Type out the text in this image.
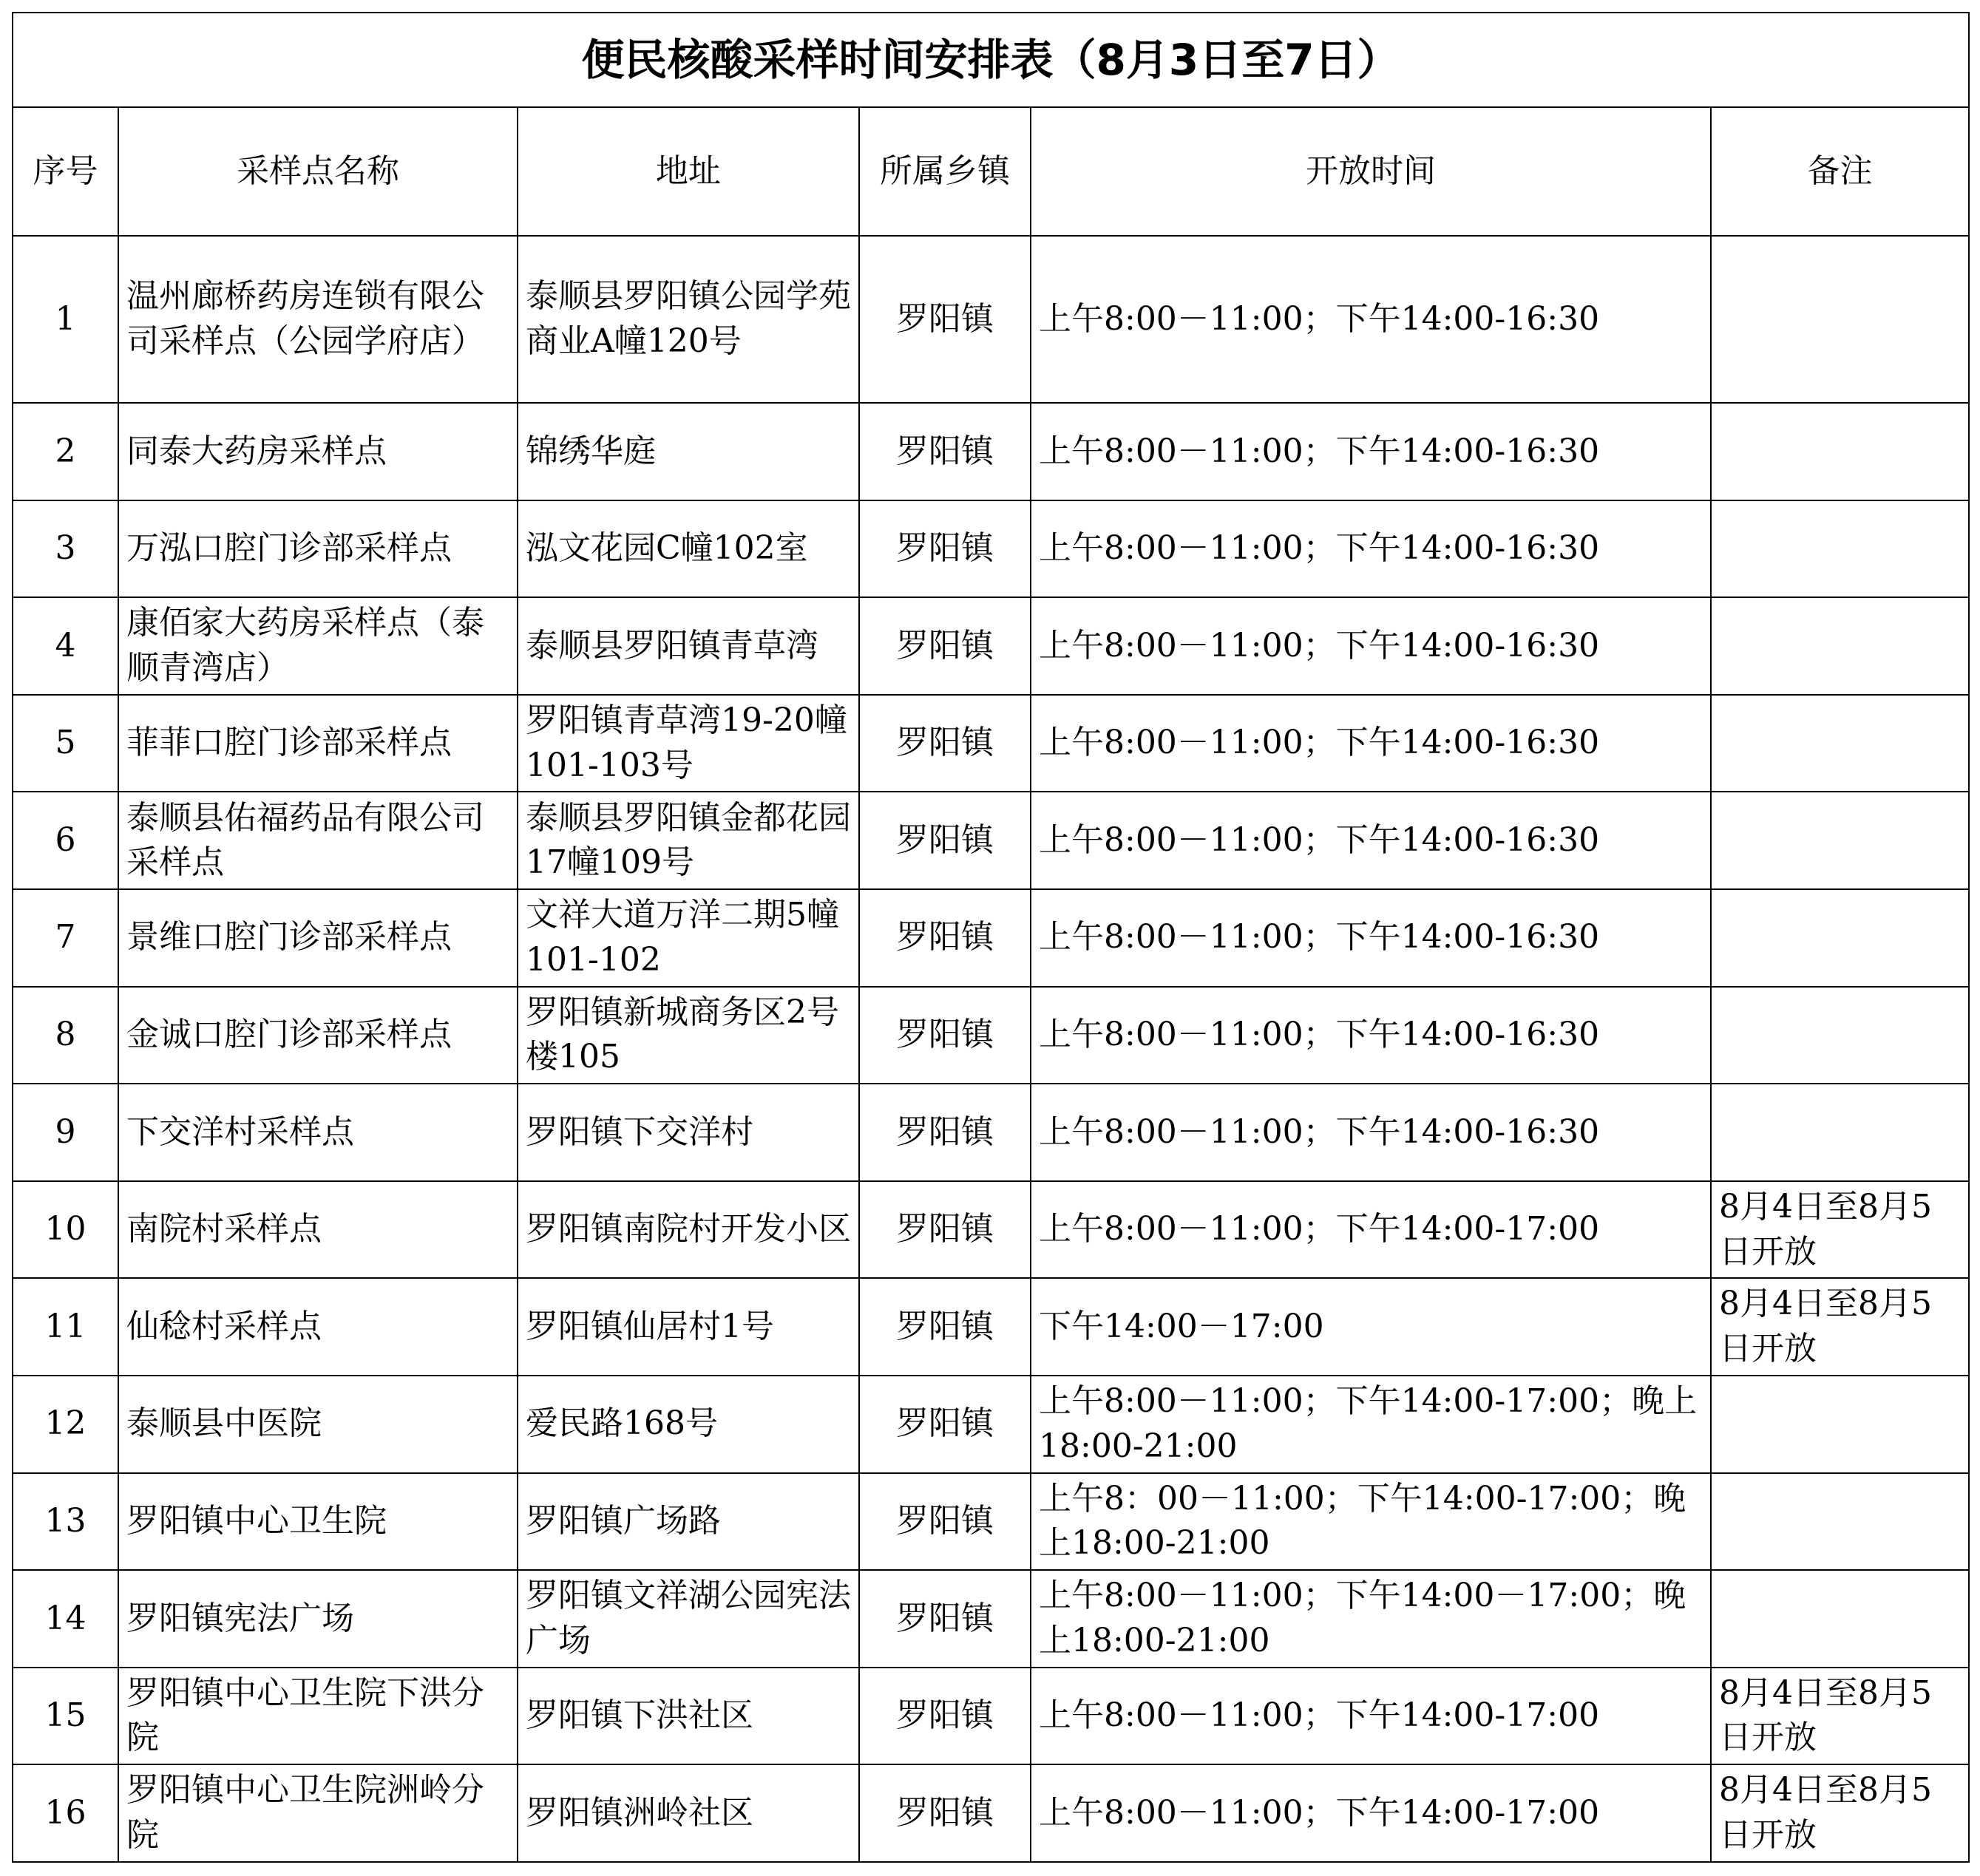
便民核酸采样时间安排表（8月3日至7日）					
序号	采样点名称	地址	所属乡镇	开放时间	备注
1	温州廊桥药房连锁有限公司采样点（公园学府店）	泰顺县罗阳镇公园学苑商业A幢120号	罗阳镇	上午8:00－11:00；下午14:00-16:30	
2	同泰大药房采样点	锦绣华庭	罗阳镇	上午8:00－11:00；下午14:00-16:30	
3	万泓口腔门诊部采样点	泓文花园C幢102室	罗阳镇	上午8:00－11:00；下午14:00-16:30	
4	康佰家大药房采样点（泰顺青湾店）	泰顺县罗阳镇青草湾	罗阳镇	上午8:00－11:00；下午14:00-16:30	
5	菲菲口腔门诊部采样点	罗阳镇青草湾19-20幢101-103号	罗阳镇	上午8:00－11:00；下午14:00-16:30	
6	泰顺县佑福药品有限公司采样点	泰顺县罗阳镇金都花园17幢109号	罗阳镇	上午8:00－11:00；下午14:00-16:30	
7	景维口腔门诊部采样点	文祥大道万洋二期5幢101-102	罗阳镇	上午8:00－11:00；下午14:00-16:30	
8	金诚口腔门诊部采样点	罗阳镇新城商务区2号楼105	罗阳镇	上午8:00－11:00；下午14:00-16:30	
9	下交洋村采样点	罗阳镇下交洋村	罗阳镇	上午8:00－11:00；下午14:00-16:30	
10	南院村采样点	罗阳镇南院村开发小区	罗阳镇	上午8:00－11:00；下午14:00-17:00	8月4日至8月5日开放
11	仙稔村采样点	罗阳镇仙居村1号	罗阳镇	下午14:00－17:00	8月4日至8月5日开放
12	泰顺县中医院	爱民路168号	罗阳镇	上午8:00－11:00；下午14:00-17:00；晚上18:00-21:00	
13	罗阳镇中心卫生院	罗阳镇广场路	罗阳镇	上午8：00－11:00；下午14:00-17:00；晚上18:00-21:00	
14	罗阳镇宪法广场	罗阳镇文祥湖公园宪法广场	罗阳镇	上午8:00－11:00；下午14:00－17:00；晚上18:00-21:00	
15	罗阳镇中心卫生院下洪分院	罗阳镇下洪社区	罗阳镇	上午8:00－11:00；下午14:00-17:00	8月4日至8月5日开放
16	罗阳镇中心卫生院洲岭分院	罗阳镇洲岭社区	罗阳镇	上午8:00－11:00；下午14:00-17:00	8月4日至8月5日开放
